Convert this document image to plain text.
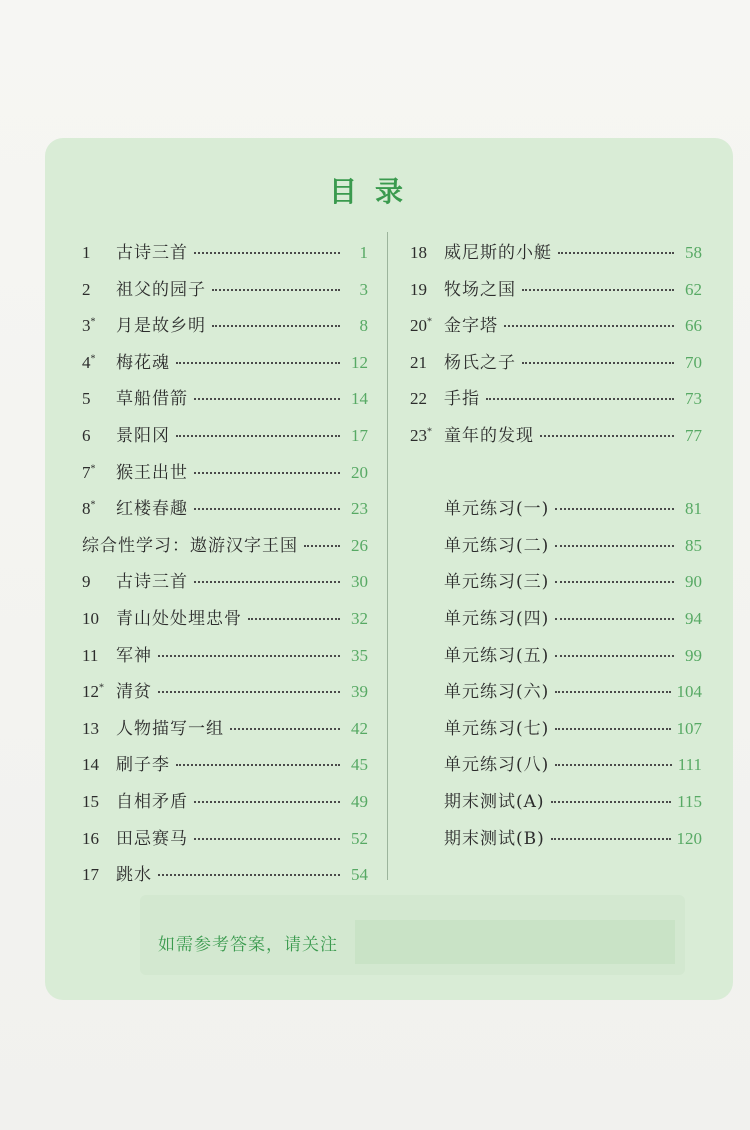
目录
1	古诗三首	1
2	祖父的园子	3
3*	月是故乡明	8
4*	梅花魂	12
5	草船借箭	14
6	景阳冈	17
7*	猴王出世	20
8*	红楼春趣	23
综合性学习：遨游汉字王国	26
9	古诗三首	30
10	青山处处埋忠骨	32
11	军神	35
12* 清贫	39
13	人物描写一组	42
14	刷子李	45
15	自相矛盾	49
16	田忌赛马	52
17	跳水	54
18	威尼斯的小艇	58
19	牧场之国	62
20* 金字塔	66
21	杨氏之子	70
22	手指	73
23* 童年的发现	77
单元练习(一)	81
单元练习(二)	85
单元练习(三)	90
单元练习(四)	94
单元练习(五)	99
单元练习(六)	104
单元练习(七)	107
单元练习(八)	111
期末测试(A)	115
期末测试(B)	120
如需参考答案，请关注
